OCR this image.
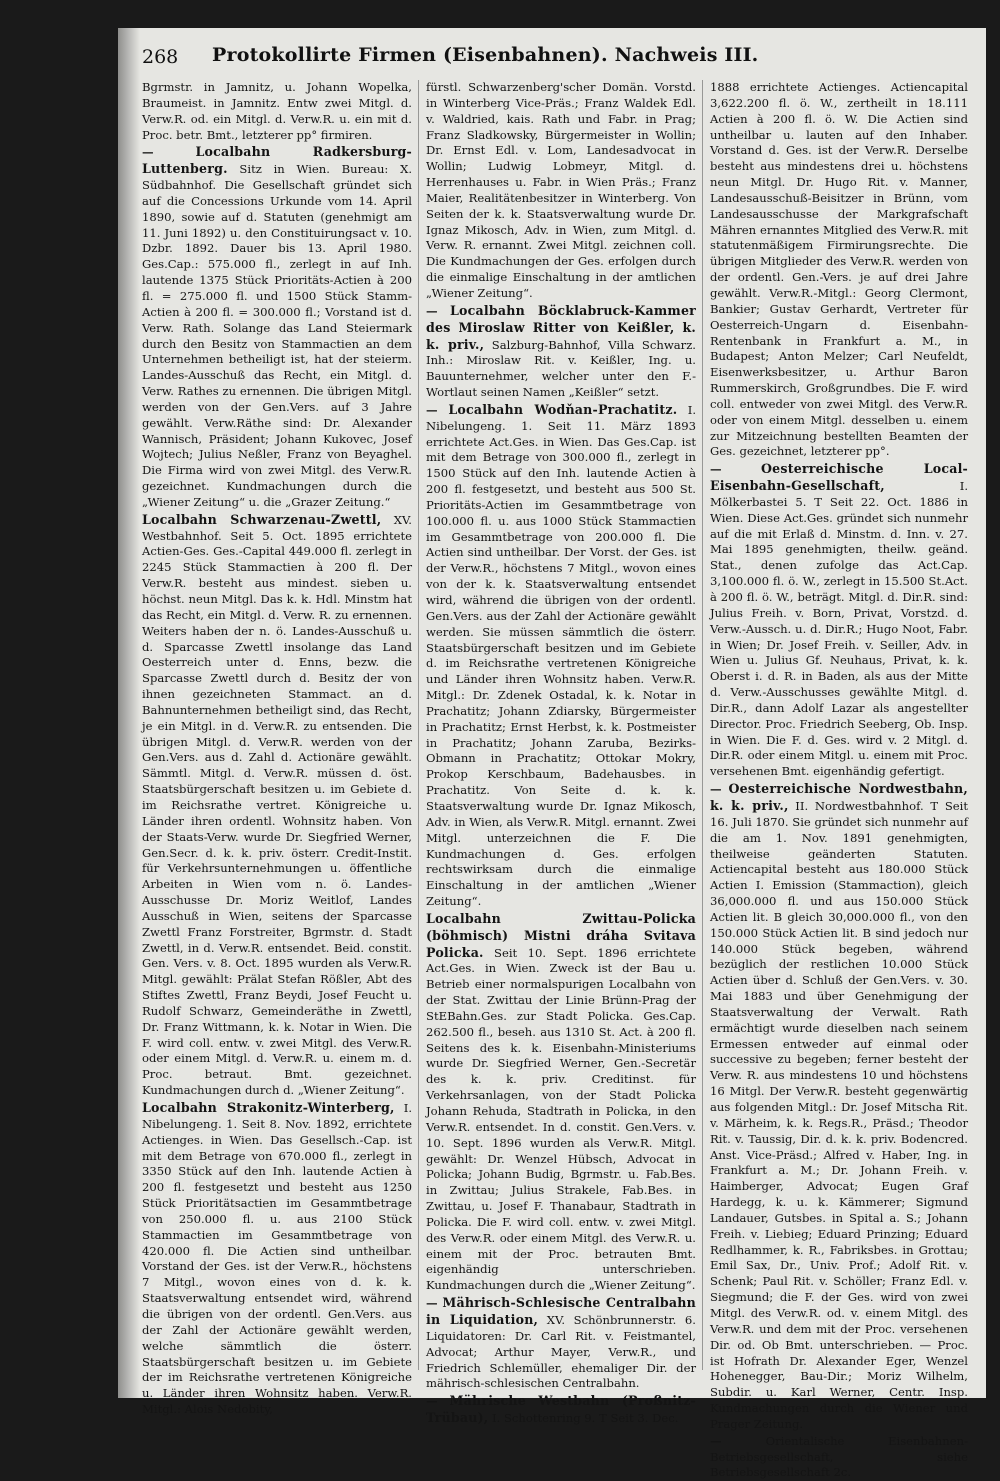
268 Protokollirte Firmen (Eisenbahnen). Nachweis III.

Bgrmstr. in Jamnitz, u. Johann Wopelka, Braumeist. in Jamnitz. Entw zwei Mitgl. d. Verw.R. od. ein Mitgl. d. Verw.R. u. ein mit d. Proc. betr. Bmt., letzterer pp° firmiren.

— Localbahn Radkersburg-Luttenberg. Sitz in Wien. Bureau: X. Südbahnhof. Die Gesellschaft gründet sich auf die Concessions Urkunde vom 14. April 1890, sowie auf d. Statuten (genehmigt am 11. Juni 1892) u. den Constituirungsact v. 10. Dzbr. 1892. Dauer bis 13. April 1980. Ges.Cap.: 575.000 fl., zerlegt in auf Inh. lautende 1375 Stück Prioritäts-Actien à 200 fl. = 275.000 fl. und 1500 Stück Stamm-Actien à 200 fl. = 300.000 fl.; Vorstand ist d. Verw. Rath. Solange das Land Steiermark durch den Besitz von Stammactien an dem Unternehmen betheiligt ist, hat der steierm. Landes-Ausschuß das Recht, ein Mitgl. d. Verw. Rathes zu ernennen. Die übrigen Mitgl. werden von der Gen.Vers. auf 3 Jahre gewählt. Verw.Räthe sind: Dr. Alexander Wannisch, Präsident; Johann Kukovec, Josef Wojtech; Julius Neßler, Franz von Beyaghel. Die Firma wird von zwei Mitgl. des Verw.R. gezeichnet. Kundmachungen durch die „Wiener Zeitung“ u. die „Grazer Zeitung.“

Localbahn Schwarzenau-Zwettl, XV. Westbahnhof. Seit 5. Oct. 1895 errichtete Actien-Ges. Ges.-Capital 449.000 fl. zerlegt in 2245 Stück Stammactien à 200 fl. Der Verw.R. besteht aus mindest. sieben u. höchst. neun Mitgl. Das k. k. Hdl. Minstm hat das Recht, ein Mitgl. d. Verw. R. zu ernennen. Weiters haben der n. ö. Landes-Ausschuß u. d. Sparcasse Zwettl insolange das Land Oesterreich unter d. Enns, bezw. die Sparcasse Zwettl durch d. Besitz der von ihnen gezeichneten Stammact. an d. Bahnunternehmen betheiligt sind, das Recht, je ein Mitgl. in d. Verw.R. zu entsenden. Die übrigen Mitgl. d. Verw.R. werden von der Gen.Vers. aus d. Zahl d. Actionäre gewählt. Sämmtl. Mitgl. d. Verw.R. müssen d. öst. Staatsbürgerschaft besitzen u. im Gebiete d. im Reichsrathe vertret. Königreiche u. Länder ihren ordentl. Wohnsitz haben. Von der Staats-Verw. wurde Dr. Siegfried Werner, Gen.Secr. d. k. k. priv. österr. Credit-Instit. für Verkehrsunternehmungen u. öffentliche Arbeiten in Wien vom n. ö. Landes-Ausschusse Dr. Moriz Weitlof, Landes Ausschuß in Wien, seitens der Sparcasse Zwettl Franz Forstreiter, Bgrmstr. d. Stadt Zwettl, in d. Verw.R. entsendet. Beid. constit. Gen. Vers. v. 8. Oct. 1895 wurden als Verw.R. Mitgl. gewählt: Prälat Stefan Rößler, Abt des Stiftes Zwettl, Franz Beydi, Josef Feucht u. Rudolf Schwarz, Gemeinderäthe in Zwettl, Dr. Franz Wittmann, k. k. Notar in Wien. Die F. wird coll. entw. v. zwei Mitgl. des Verw.R. oder einem Mitgl. d. Verw.R. u. einem m. d. Proc. betraut. Bmt. gezeichnet. Kundmachungen durch d. „Wiener Zeitung“.

Localbahn Strakonitz-Winterberg, I. Nibelungeng. 1. Seit 8. Nov. 1892, errichtete Actienges. in Wien. Das Gesellsch.-Cap. ist mit dem Betrage von 670.000 fl., zerlegt in 3350 Stück auf den Inh. lautende Actien à 200 fl. festgesetzt und besteht aus 1250 Stück Prioritätsactien im Gesammtbetrage von 250.000 fl. u. aus 2100 Stück Stammactien im Gesammtbetrage von 420.000 fl. Die Actien sind untheilbar. Vorstand der Ges. ist der Verw.R., höchstens 7 Mitgl., wovon eines von d. k. k. Staatsverwaltung entsendet wird, während die übrigen von der ordentl. Gen.Vers. aus der Zahl der Actionäre gewählt werden, welche sämmtlich die österr. Staatsbürgerschaft besitzen u. im Gebiete der im Reichsrathe vertretenen Königreiche u. Länder ihren Wohnsitz haben. Verw.R. Mitgl.: Alois Nedobity,

fürstl. Schwarzenberg'scher Domän. Vorstd. in Winterberg Vice-Präs.; Franz Waldek Edl. v. Waldried, kais. Rath und Fabr. in Prag; Franz Sladkowsky, Bürgermeister in Wollin; Dr. Ernst Edl. v. Lom, Landesadvocat in Wollin; Ludwig Lobmeyr, Mitgl. d. Herrenhauses u. Fabr. in Wien Präs.; Franz Maier, Realitätenbesitzer in Winterberg. Von Seiten der k. k. Staatsverwaltung wurde Dr. Ignaz Mikosch, Adv. in Wien, zum Mitgl. d. Verw. R. ernannt. Zwei Mitgl. zeichnen coll. Die Kundmachungen der Ges. erfolgen durch die einmalige Einschaltung in der amtlichen „Wiener Zeitung“.

— Localbahn Böcklabruck-Kammer des Miroslaw Ritter von Keißler, k. k. priv., Salzburg-Bahnhof, Villa Schwarz. Inh.: Miroslaw Rit. v. Keißler, Ing. u. Bauunternehmer, welcher unter den F.-Wortlaut seinen Namen „Keißler“ setzt.

— Localbahn Wodňan-Prachatitz. I. Nibelungeng. 1. Seit 11. März 1893 errichtete Act.Ges. in Wien. Das Ges.Cap. ist mit dem Betrage von 300.000 fl., zerlegt in 1500 Stück auf den Inh. lautende Actien à 200 fl. festgesetzt, und besteht aus 500 St. Prioritäts-Actien im Gesammtbetrage von 100.000 fl. u. aus 1000 Stück Stammactien im Gesammtbetrage von 200.000 fl. Die Actien sind untheilbar. Der Vorst. der Ges. ist der Verw.R., höchstens 7 Mitgl., wovon eines von der k. k. Staatsverwaltung entsendet wird, während die übrigen von der ordentl. Gen.Vers. aus der Zahl der Actionäre gewählt werden. Sie müssen sämmtlich die österr. Staatsbürgerschaft besitzen und im Gebiete d. im Reichsrathe vertretenen Königreiche und Länder ihren Wohnsitz haben. Verw.R. Mitgl.: Dr. Zdenek Ostadal, k. k. Notar in Prachatitz; Johann Zdiarsky, Bürgermeister in Prachatitz; Ernst Herbst, k. k. Postmeister in Prachatitz; Johann Zaruba, Bezirks-Obmann in Prachatitz; Ottokar Mokry, Prokop Kerschbaum, Badehausbes. in Prachatitz. Von Seite d. k. k. Staatsverwaltung wurde Dr. Ignaz Mikosch, Adv. in Wien, als Verw.R. Mitgl. ernannt. Zwei Mitgl. unterzeichnen die F. Die Kundmachungen d. Ges. erfolgen rechtswirksam durch die einmalige Einschaltung in der amtlichen „Wiener Zeitung“.

Localbahn Zwittau-Policka (böhmisch) Mistni dráha Svitava Policka. Seit 10. Sept. 1896 errichtete Act.Ges. in Wien. Zweck ist der Bau u. Betrieb einer normalspurigen Localbahn von der Stat. Zwittau der Linie Brünn-Prag der StEBahn.Ges. zur Stadt Policka. Ges.Cap. 262.500 fl., beseh. aus 1310 St. Act. à 200 fl. Seitens des k. k. Eisenbahn-Ministeriums wurde Dr. Siegfried Werner, Gen.-Secretär des k. k. priv. Creditinst. für Verkehrsanlagen, von der Stadt Policka Johann Rehuda, Stadtrath in Policka, in den Verw.R. entsendet. In d. constit. Gen.Vers. v. 10. Sept. 1896 wurden als Verw.R. Mitgl. gewählt: Dr. Wenzel Hübsch, Advocat in Policka; Johann Budig, Bgrmstr. u. Fab.Bes. in Zwittau; Julius Strakele, Fab.Bes. in Zwittau, u. Josef F. Thanabaur, Stadtrath in Policka. Die F. wird coll. entw. v. zwei Mitgl. des Verw.R. oder einem Mitgl. des Verw.R. u. einem mit der Proc. betrauten Bmt. eigenhändig unterschrieben. Kundmachungen durch die „Wiener Zeitung“.

— Mährisch-Schlesische Centralbahn in Liquidation, XV. Schönbrunnerstr. 6. Liquidatoren: Dr. Carl Rit. v. Feistmantel, Advocat; Arthur Mayer, Verw.R., und Friedrich Schlemüller, ehemaliger Dir. der mährisch-schlesischen Centralbahn.

— Mährische Westbahn (Proßnitz-Trübau), I. Schottenring 9. T Seit 3. Dec.

1888 errichtete Actienges. Actiencapital 3,622.200 fl. ö. W., zertheilt in 18.111 Actien à 200 fl. ö. W. Die Actien sind untheilbar u. lauten auf den Inhaber. Vorstand d. Ges. ist der Verw.R. Derselbe besteht aus mindestens drei u. höchstens neun Mitgl. Dr. Hugo Rit. v. Manner, Landesausschuß-Beisitzer in Brünn, vom Landesausschusse der Markgrafschaft Mähren ernanntes Mitglied des Verw.R. mit statutenmäßigem Firmirungsrechte. Die übrigen Mitglieder des Verw.R. werden von der ordentl. Gen.-Vers. je auf drei Jahre gewählt. Verw.R.-Mitgl.: Georg Clermont, Bankier; Gustav Gerhardt, Vertreter für Oesterreich-Ungarn d. Eisenbahn-Rentenbank in Frankfurt a. M., in Budapest; Anton Melzer; Carl Neufeldt, Eisenwerksbesitzer, u. Arthur Baron Rummerskirch, Großgrundbes. Die F. wird coll. entweder von zwei Mitgl. des Verw.R. oder von einem Mitgl. desselben u. einem zur Mitzeichnung bestellten Beamten der Ges. gezeichnet, letzterer pp°.

— Oesterreichische Local-Eisenbahn-Gesellschaft,	I. Mölkerbastei 5. T Seit 22. Oct. 1886 in Wien. Diese Act.Ges. gründet sich nunmehr auf die mit Erlaß d. Minstm. d. Inn. v. 27. Mai 1895 genehmigten, theilw. geänd. Stat., denen zufolge das Act.Cap. 3,100.000 fl. ö. W., zerlegt in 15.500 St.Act. à 200 fl. ö. W., beträgt. Mitgl. d. Dir.R. sind: Julius Freih. v. Born, Privat, Vorstzd. d. Verw.-Aussch. u. d. Dir.R.; Hugo Noot, Fabr. in Wien; Dr. Josef Freih. v. Seiller, Adv. in Wien u. Julius Gf. Neuhaus, Privat, k. k. Oberst i. d. R. in Baden, als aus der Mitte d. Verw.-Ausschusses gewählte Mitgl. d. Dir.R., dann Adolf Lazar als angestellter Director. Proc. Friedrich Seeberg, Ob. Insp. in Wien. Die F. d. Ges. wird v. 2 Mitgl. d. Dir.R. oder einem Mitgl. u. einem mit Proc. versehenen Bmt. eigenhändig gefertigt.

— Oesterreichische Nordwestbahn, k. k. priv., II. Nordwestbahnhof. T Seit 16. Juli 1870. Sie gründet sich nunmehr auf die am 1. Nov. 1891 genehmigten, theilweise geänderten Statuten. Actiencapital besteht aus 180.000 Stück Actien I. Emission (Stammaction), gleich 36,000.000 fl. und aus 150.000 Stück Actien lit. B gleich 30,000.000 fl., von den 150.000 Stück Actien lit. B sind jedoch nur 140.000 Stück begeben, während bezüglich der restlichen 10.000 Stück Actien über d. Schluß der Gen.Vers. v. 30. Mai 1883 und über Genehmigung der Staatsverwaltung der Verwalt. Rath ermächtigt wurde dieselben nach seinem Ermessen entweder auf einmal oder successive zu begeben; ferner besteht der Verw. R. aus mindestens 10 und höchstens 16 Mitgl. Der Verw.R. besteht gegenwärtig aus folgenden Mitgl.: Dr. Josef Mitscha Rit. v. Märheim, k. k. Regs.R., Präsd.; Theodor Rit. v. Taussig, Dir. d. k. k. priv. Bodencred. Anst. Vice-Präsd.; Alfred v. Haber, Ing. in Frankfurt a. M.; Dr. Johann Freih. v. Haimberger, Advocat; Eugen Graf Hardegg, k. u. k. Kämmerer; Sigmund Landauer, Gutsbes. in Spital a. S.; Johann Freih. v. Liebieg; Eduard Prinzing; Eduard Redlhammer, k. R., Fabriksbes. in Grottau; Emil Sax, Dr., Univ. Prof.; Adolf Rit. v. Schenk; Paul Rit. v. Schöller; Franz Edl. v. Siegmund; die F. der Ges. wird von zwei Mitgl. des Verw.R. od. v. einem Mitgl. des Verw.R. und dem mit der Proc. versehenen Dir. od. Ob Bmt. unterschrieben. — Proc. ist Hofrath Dr. Alexander Eger, Wenzel Hohenegger, Bau-Dir.; Moriz Wilhelm, Subdir. u. Karl Werner, Centr. Insp. Kundmachungen durch die Wiener und Prager Zeitung.

— Orientalische Eisenbahnen-Betriebsgesellschaft, siehe Betriebsgesellschaft 2c.
